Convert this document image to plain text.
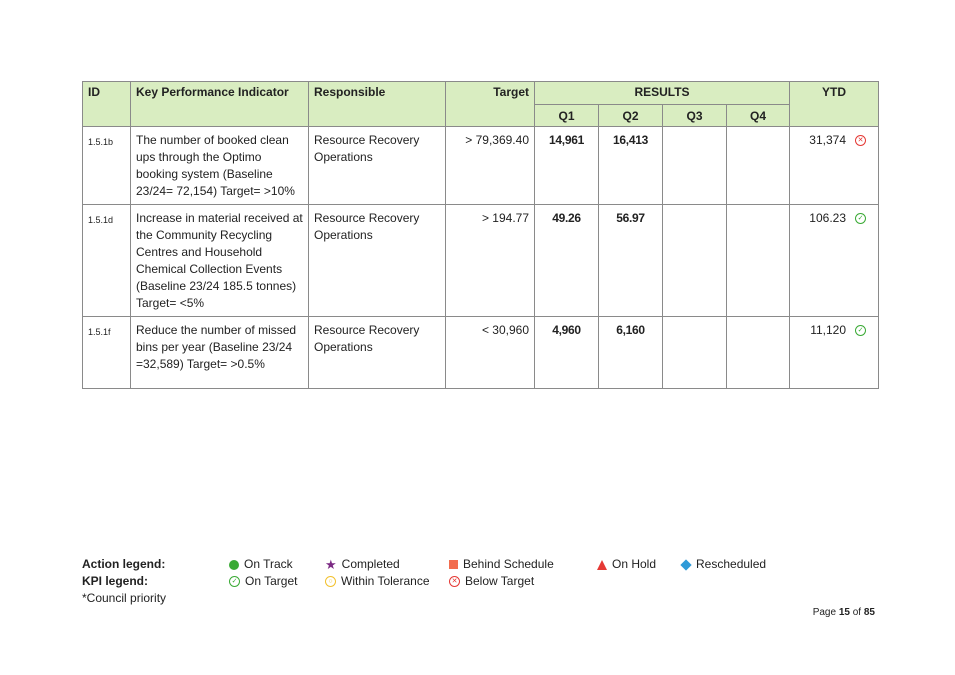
ID	Key Performance Indicator	Responsible	Target	RESULTS				YTD
				Q1	Q2	Q3	Q4	
1.5.1b	The number of booked clean ups through the Optimo booking system (Baseline 23/24= 72,154) Target= >10%	Resource Recovery Operations	> 79,369.40	14,961	16,413			31,374 ✕
1.5.1d	Increase in material received at the Community Recycling Centres and Household Chemical Collection Events (Baseline 23/24 185.5 tonnes) Target= <5%	Resource Recovery Operations	> 194.77	49.26	56.97			106.23 ✓
1.5.1f	Reduce the number of missed bins per year (Baseline 23/24 =32,589) Target= >0.5%	Resource Recovery Operations	< 30,960	4,960	6,160			11,120 ✓
Action legend:
KPI legend:
*Council priority
On Track ★ Completed	Behind Schedule	On Hold	Rescheduled
✓ On Target	○ Within Tolerance	✕ Below Target
Page 15 of 85
